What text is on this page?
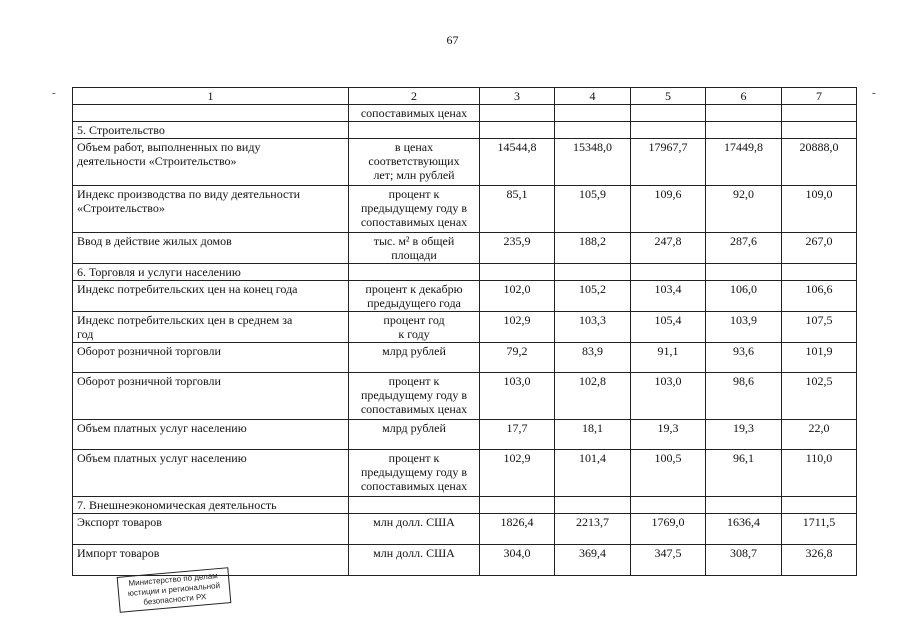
67
-	-
1	2	3	4	5	6	7
	сопоставимых ценах					
5. Строительство						
Объем работ, выполненных по виду
деятельности «Строительство»	в ценах
соответствующих
лет; млн рублей	14544,8	15348,0	17967,7	17449,8	20888,0
Индекс производства по виду деятельности
«Строительство»	процент к
предыдущему году в
сопоставимых ценах	85,1	105,9	109,6	92,0	109,0
Ввод в действие жилых домов	тыс. м² в общей
площади	235,9	188,2	247,8	287,6	267,0
6. Торговля и услуги населению						
Индекс потребительских цен на конец года	процент к декабрю
предыдущего года	102,0	105,2	103,4	106,0	106,6
Индекс потребительских цен в среднем за
год	процент год
к году	102,9	103,3	105,4	103,9	107,5
Оборот розничной торговли	млрд рублей	79,2	83,9	91,1	93,6	101,9
Оборот розничной торговли	процент к
предыдущему году в
сопоставимых ценах	103,0	102,8	103,0	98,6	102,5
Объем платных услуг населению	млрд рублей	17,7	18,1	19,3	19,3	22,0
Объем платных услуг населению	процент к
предыдущему году в
сопоставимых ценах	102,9	101,4	100,5	96,1	110,0
7. Внешнеэкономическая деятельность						
Экспорт товаров	млн долл. США	1826,4	2213,7	1769,0	1636,4	1711,5
Импорт товаров	млн долл. США	304,0	369,4	347,5	308,7	326,8
Министерство по делам
юстиции и региональной
безопасности РХ
